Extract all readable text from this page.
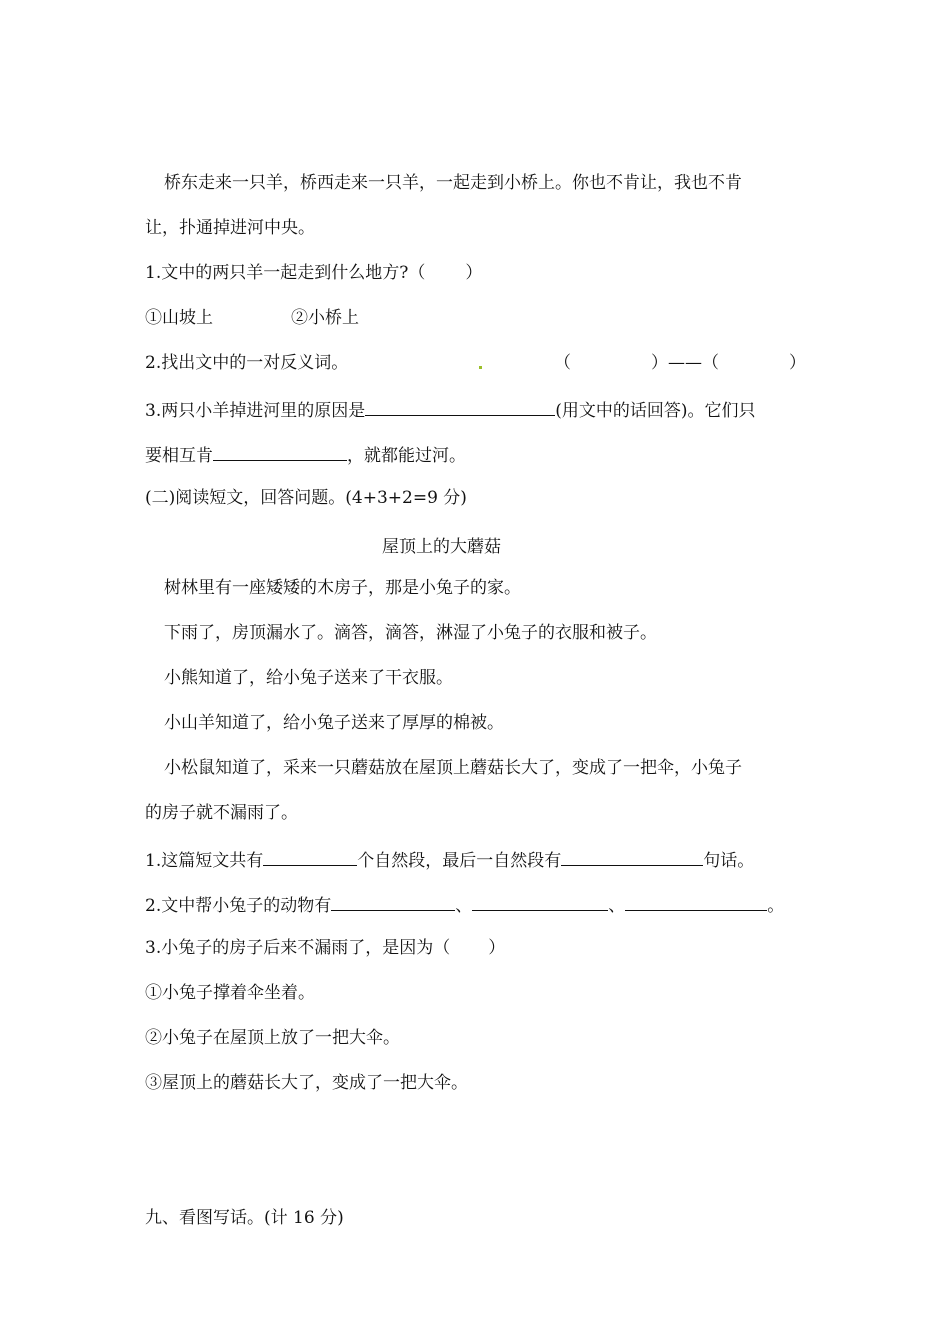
桥东走来一只羊，桥西走来一只羊，一起走到小桥上。你也不肯让，我也不肯
让，扑通掉进河中央。
1.文中的两只羊一起走到什么地方?（ ）
①山坡上	②小桥上
2.找出文中的一对反义词。	（	）——（	）
3.两只小羊掉进河里的原因是	(用文中的话回答)。它们只
要相互肯	，就都能过河。
(二)阅读短文，回答问题。(4+3+2=9 分)
屋顶上的大蘑菇
树林里有一座矮矮的木房子，那是小兔子的家。
下雨了，房顶漏水了。滴答，滴答，淋湿了小兔子的衣服和被子。
小熊知道了，给小兔子送来了干衣服。
小山羊知道了，给小兔子送来了厚厚的棉被。
小松鼠知道了，采来一只蘑菇放在屋顶上蘑菇长大了，变成了一把伞，小兔子
的房子就不漏雨了。
1.这篇短文共有	个自然段，最后一自然段有	句话。
2.文中帮小兔子的动物有	、	、	。
3.小兔子的房子后来不漏雨了，是因为（ ）
①小兔子撑着伞坐着。
②小兔子在屋顶上放了一把大伞。
③屋顶上的蘑菇长大了，变成了一把大伞。
九、看图写话。(计 16 分)
